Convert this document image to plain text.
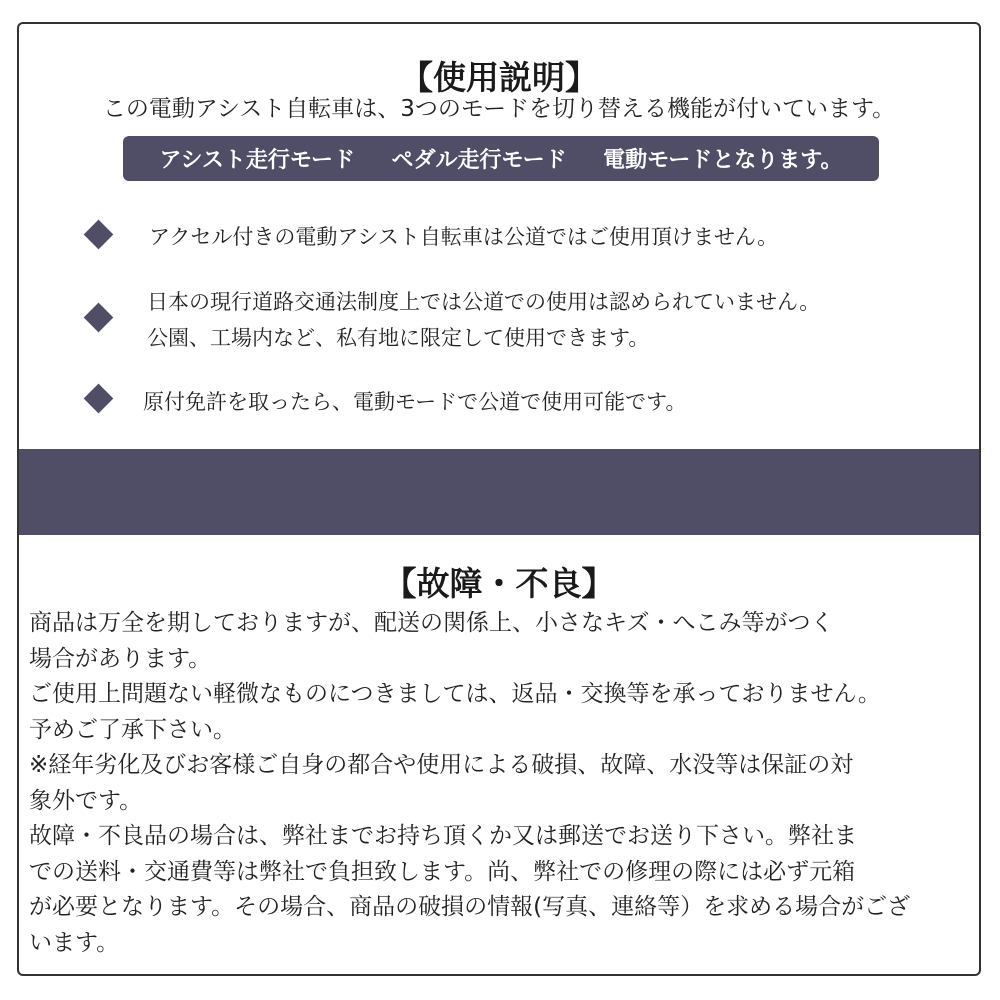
【使用説明】
この電動アシスト自転車は、3つのモードを切り替える機能が付いています。
アシスト走行モード ペダル走行モード 電動モードとなります。
アクセル付きの電動アシスト自転車は公道ではご使用頂けません。
日本の現行道路交通法制度上では公道での使用は認められていません。
公園、工場内など、私有地に限定して使用できます。
原付免許を取ったら、電動モードで公道で使用可能です。
【故障・不良】

商品は万全を期しておりますが、配送の関係上、小さなキズ・へこみ等がつく

場合があります。

ご使用上問題ない軽微なものにつきましては、返品・交換等を承っておりません。

予めご了承下さい。

※経年劣化及びお客様ご自身の都合や使用による破損、故障、水没等は保証の対

象外です。

故障・不良品の場合は、弊社までお持ち頂くか又は郵送でお送り下さい。弊社ま

での送料・交通費等は弊社で負担致します。尚、弊社での修理の際には必ず元箱

が必要となります。その場合、商品の破損の情報(写真、連絡等）を求める場合がござ

います。
